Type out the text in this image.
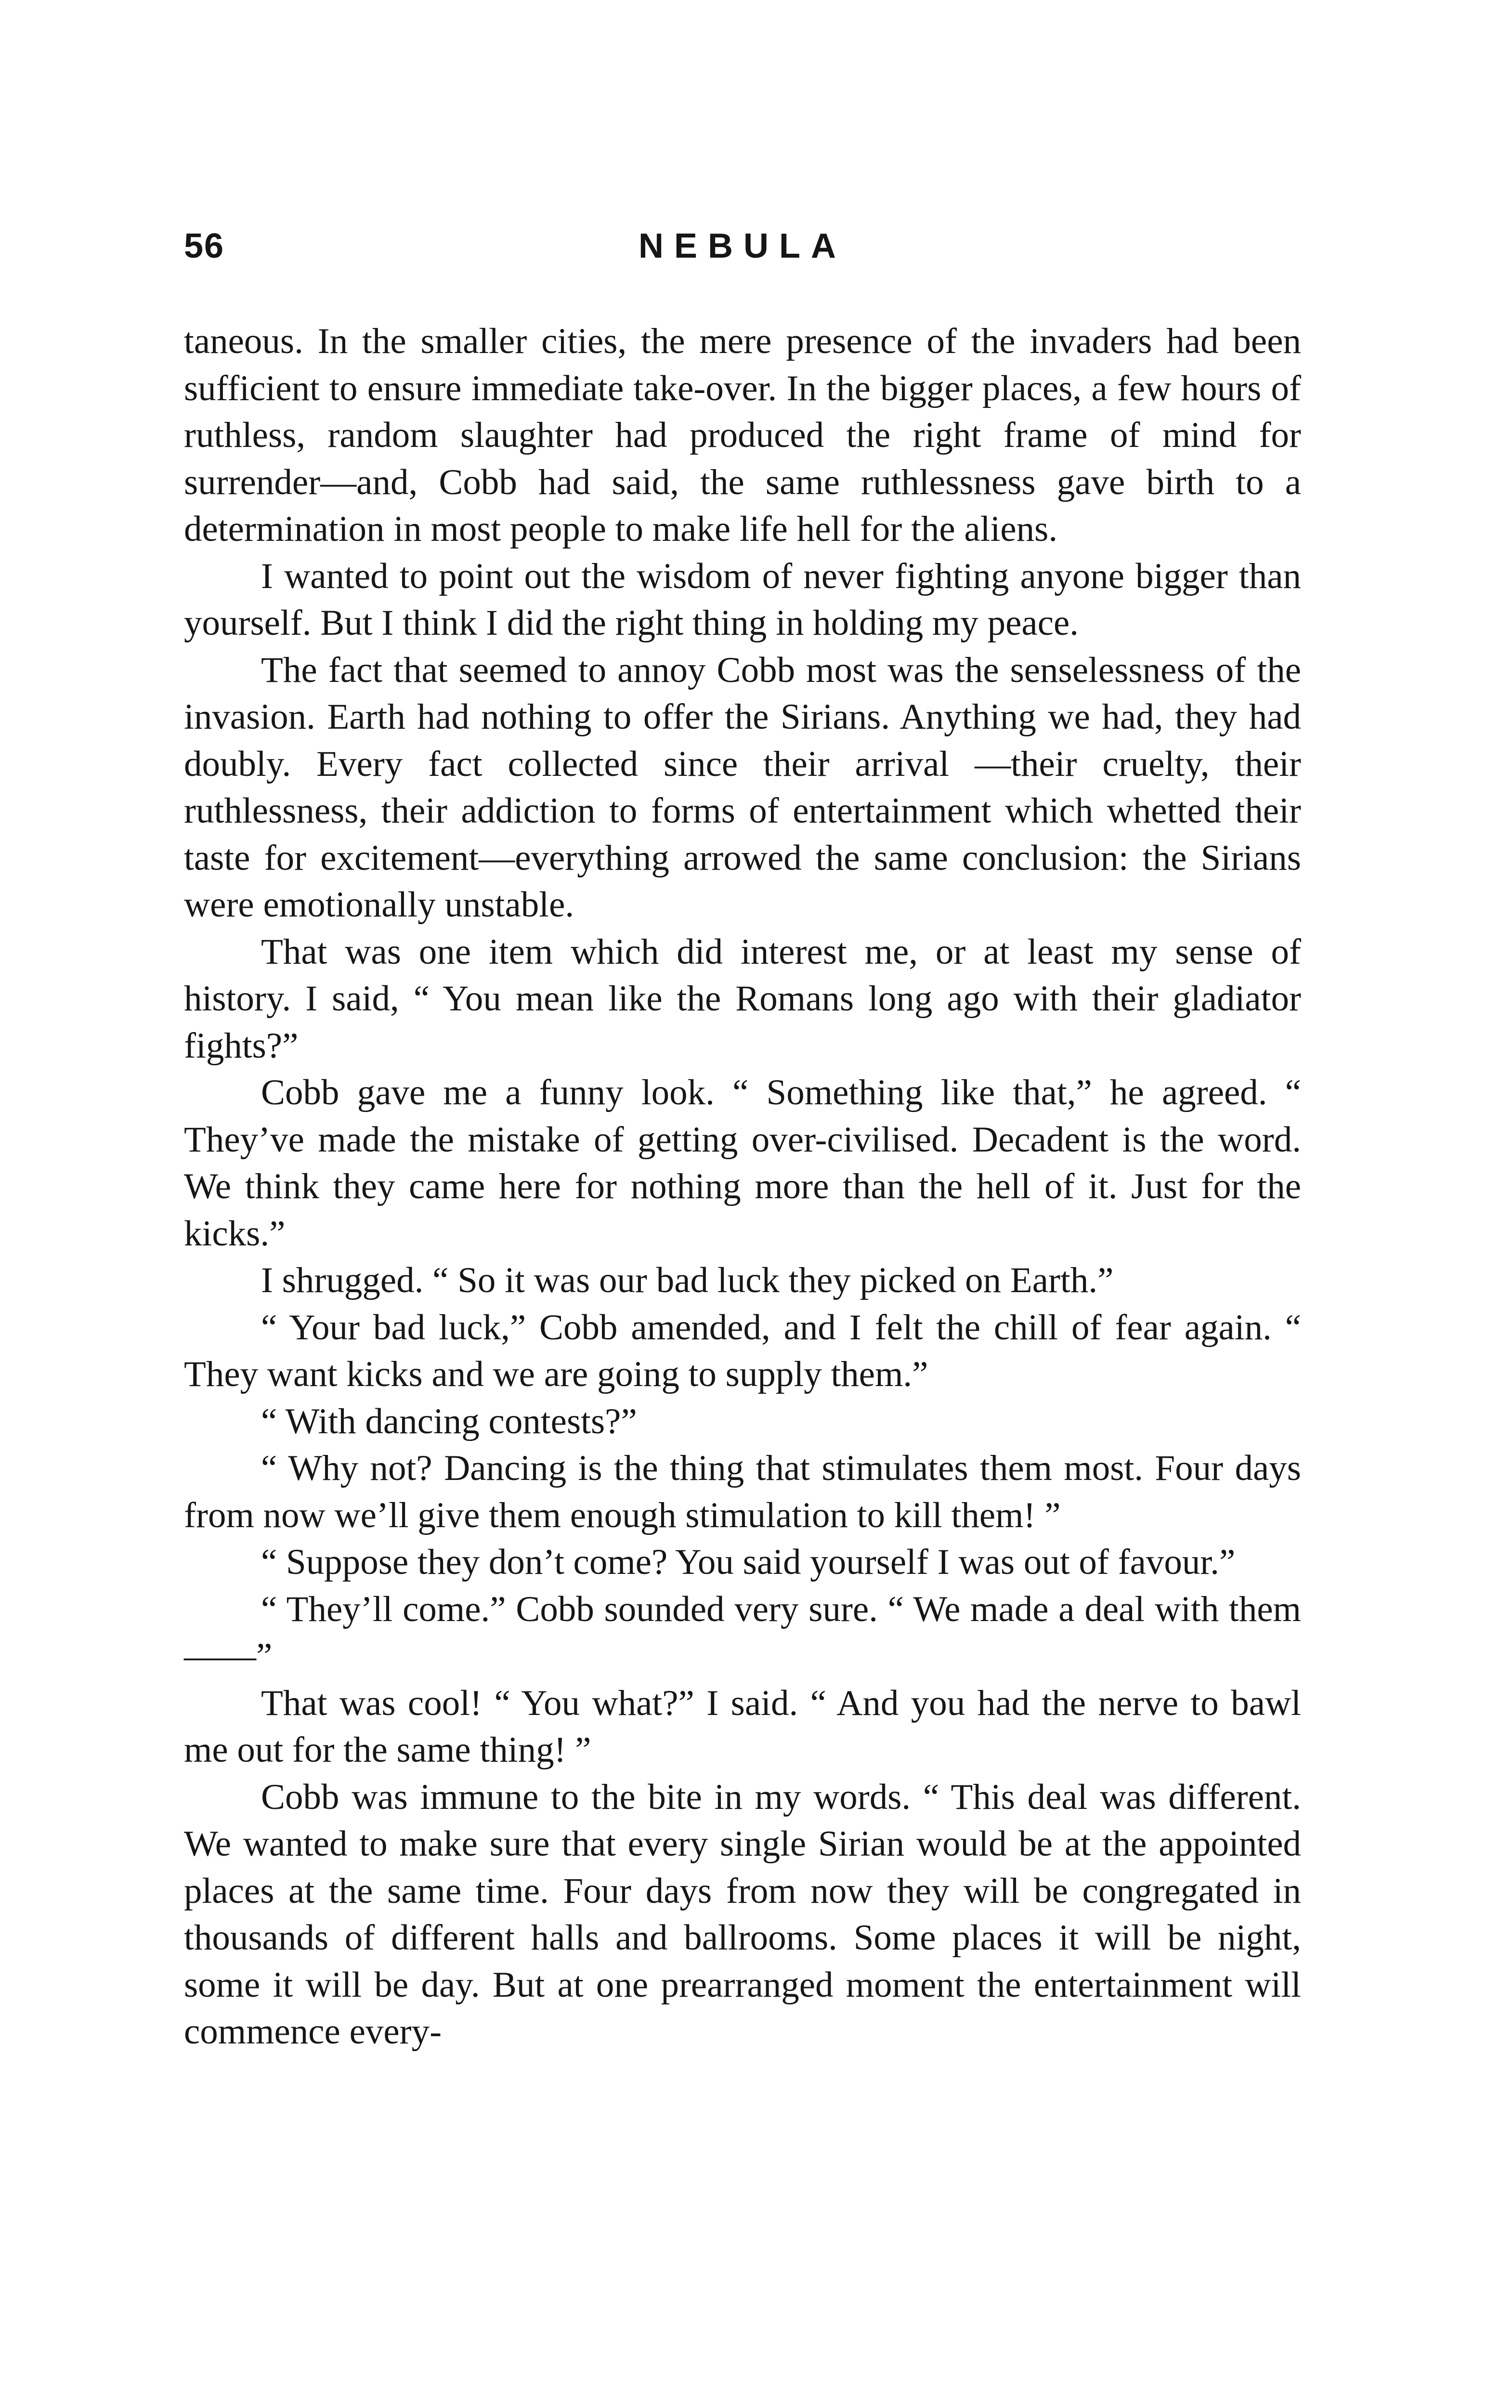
56	NEBULA

taneous. In the smaller cities, the mere presence of the invaders had been sufficient to ensure immediate take-over. In the bigger places, a few hours of ruthless, random slaughter had produced the right frame of mind for surrender—and, Cobb had said, the same ruthlessness gave birth to a determination in most people to make life hell for the aliens.

I wanted to point out the wisdom of never fighting anyone bigger than yourself. But I think I did the right thing in holding my peace.

The fact that seemed to annoy Cobb most was the senselessness of the invasion. Earth had nothing to offer the Sirians. Anything we had, they had doubly. Every fact collected since their arrival —their cruelty, their ruthlessness, their addiction to forms of entertainment which whetted their taste for excitement—everything arrowed the same conclusion: the Sirians were emotionally unstable.

That was one item which did interest me, or at least my sense of history. I said, “ You mean like the Romans long ago with their gladiator fights?”

Cobb gave me a funny look. “ Something like that,” he agreed. “ They’ve made the mistake of getting over-civilised. Decadent is the word. We think they came here for nothing more than the hell of it. Just for the kicks.”

I shrugged. “ So it was our bad luck they picked on Earth.”

“ Your bad luck,” Cobb amended, and I felt the chill of fear again. “ They want kicks and we are going to supply them.”

“ With dancing contests?”

“ Why not? Dancing is the thing that stimulates them most. Four days from now we’ll give them enough stimulation to kill them! ”

“ Suppose they don’t come? You said yourself I was out of favour.”

“ They’ll come.” Cobb sounded very sure. “ We made a deal with them——”

That was cool! “ You what?” I said. “ And you had the nerve to bawl me out for the same thing! ”

Cobb was immune to the bite in my words. “ This deal was different. We wanted to make sure that every single Sirian would be at the appointed places at the same time. Four days from now they will be congregated in thousands of different halls and ballrooms. Some places it will be night, some it will be day. But at one prearranged moment the entertainment will commence every-
